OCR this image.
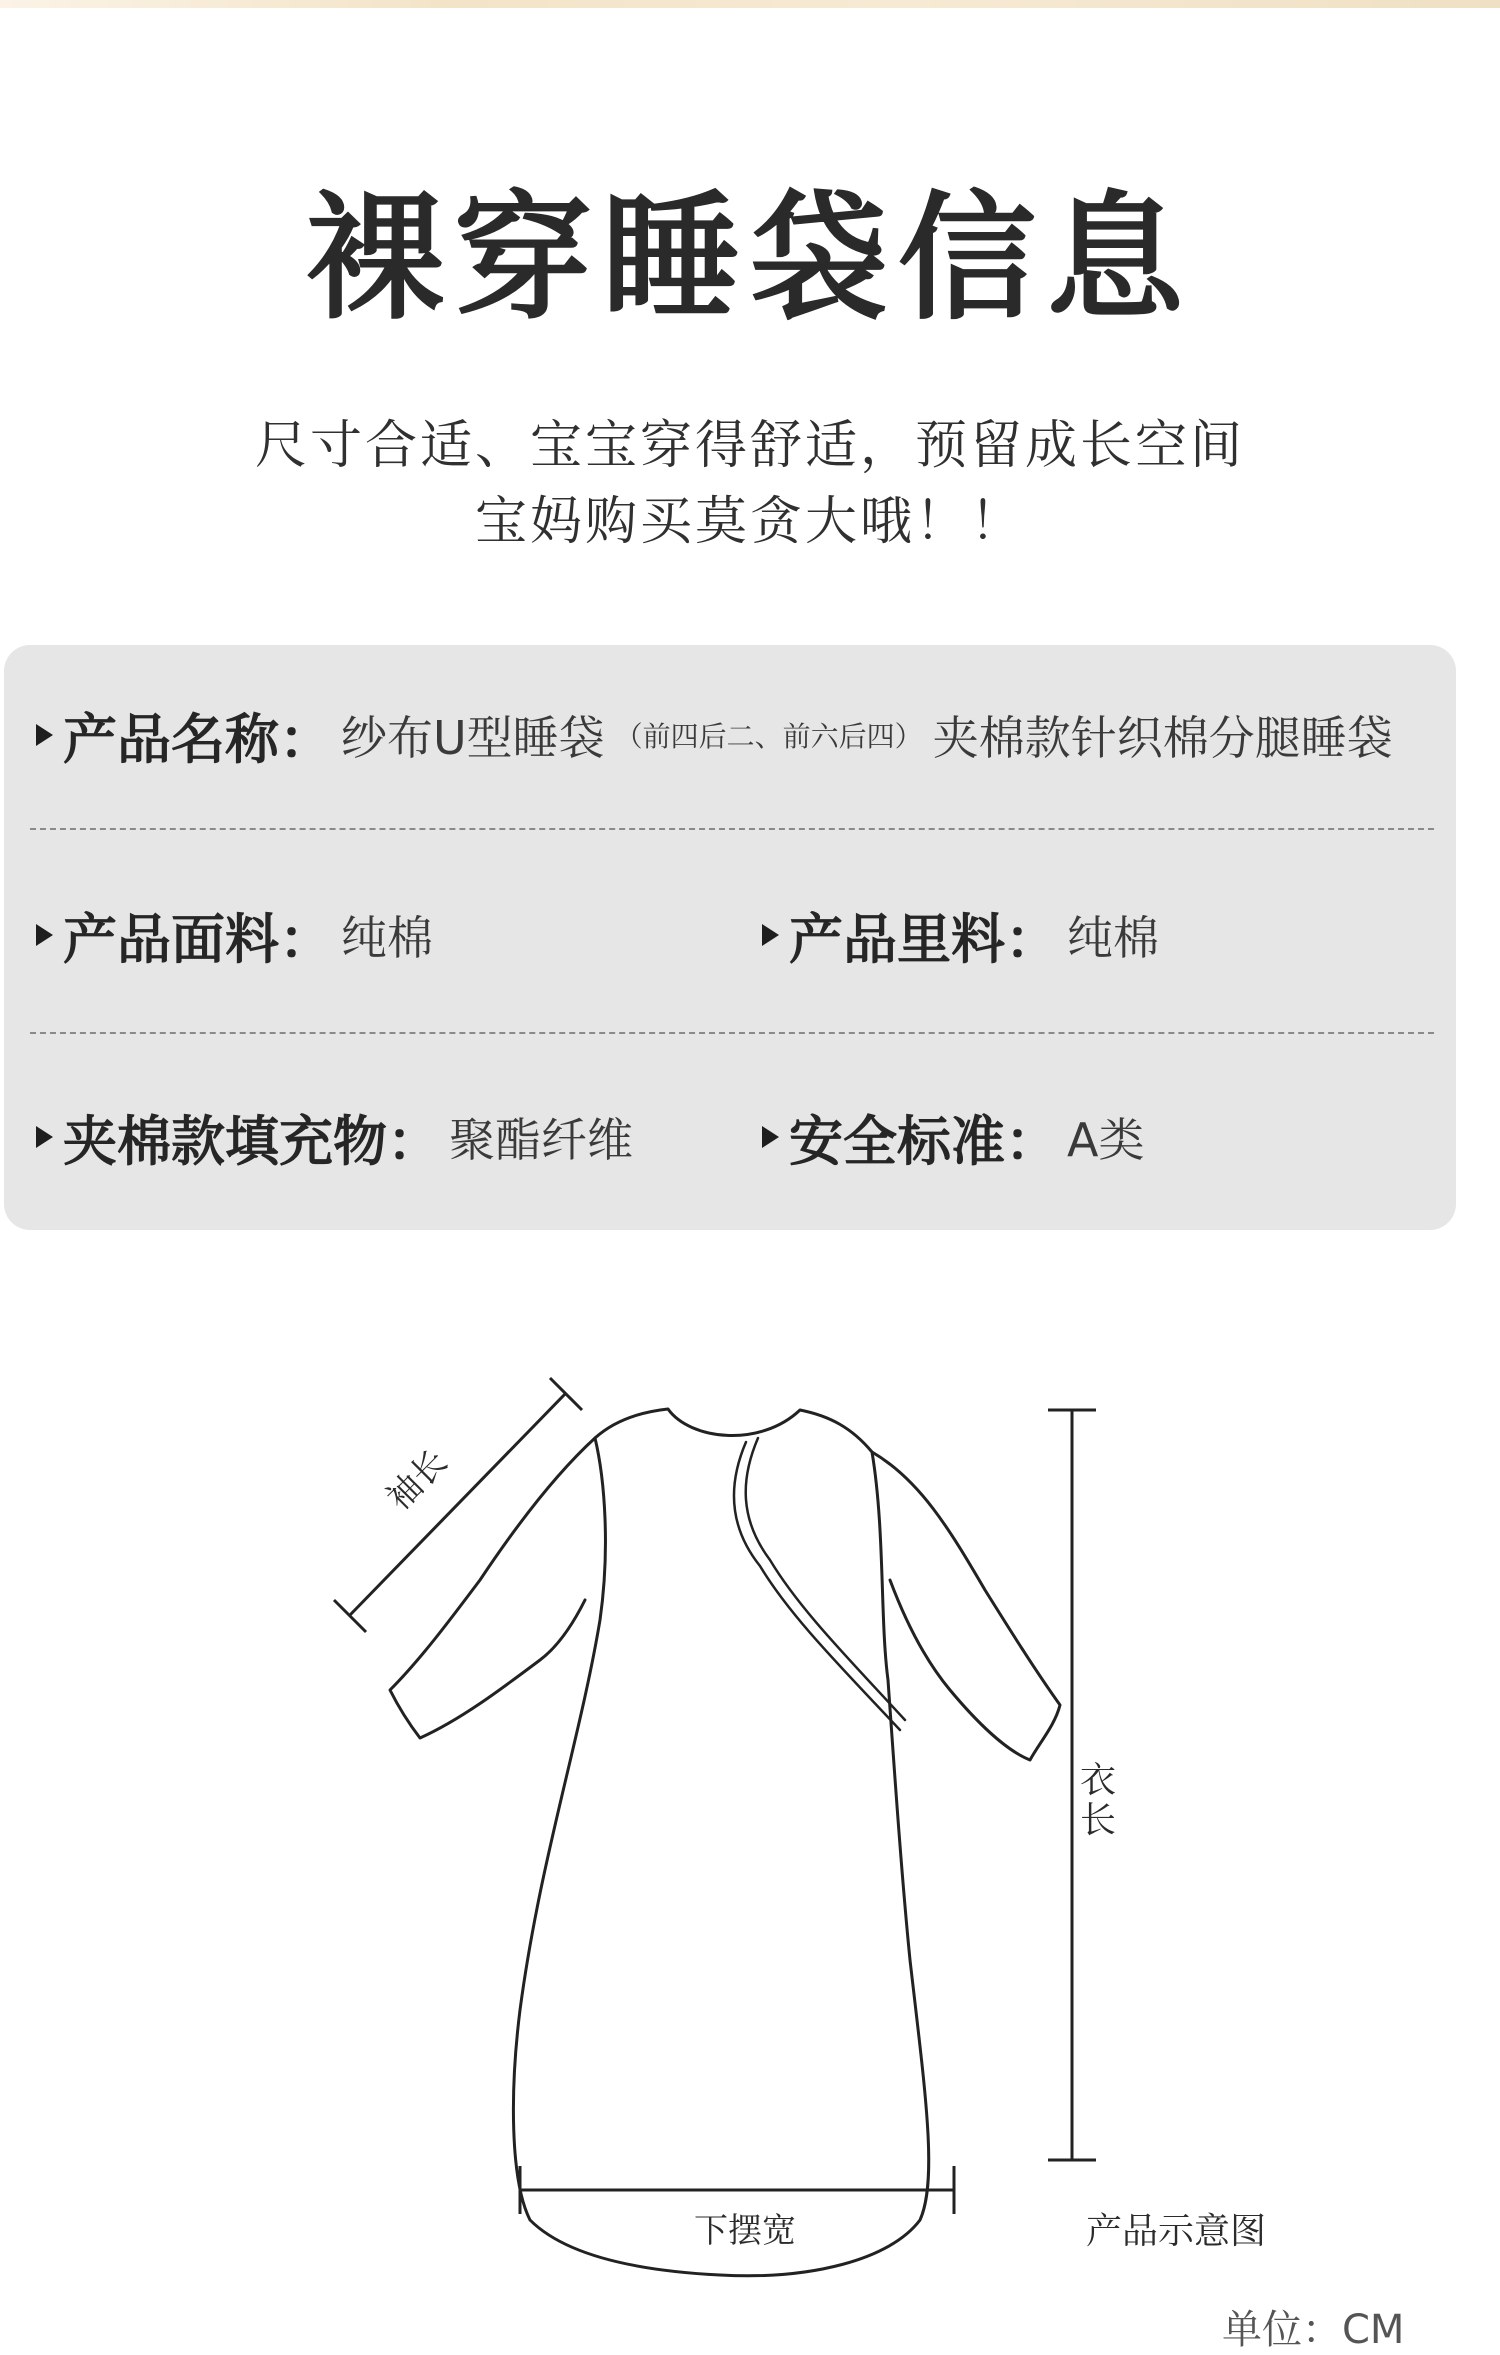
裸穿睡袋信息
尺寸合适、宝宝穿得舒适，预留成长空间
宝妈购买莫贪大哦！！
产品名称： 纱布U型睡袋 （前四后二、前六后四） 夹棉款针织棉分腿睡袋
产品面料： 纯棉	产品里料： 纯棉
夹棉款填充物： 聚酯纤维	安全标准： A类
袖长
衣
长
下摆宽	产品示意图
单位：CM
